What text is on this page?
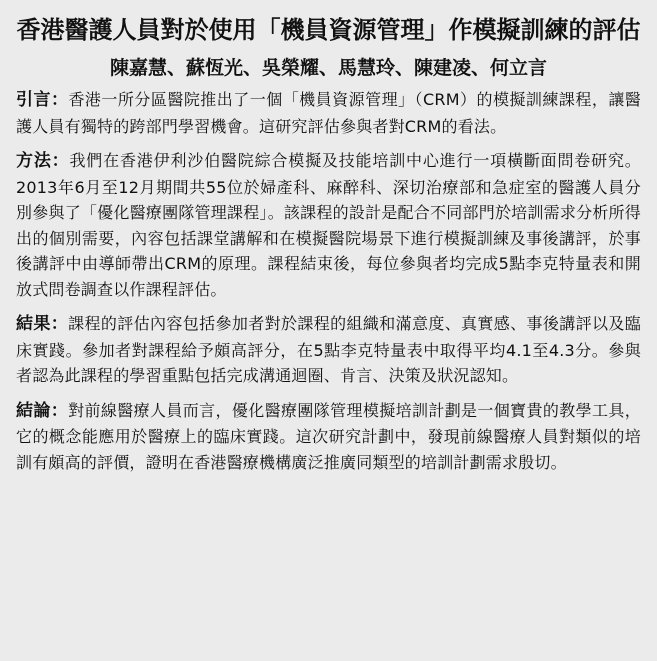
香港醫護人員對於使用「機員資源管理」作模擬訓練的評估
陳嘉慧、蘇恆光、吳榮耀、馬慧玲、陳建凌、何立言

引言：香港一所分區醫院推出了一個「機員資源管理」（CRM）的模擬訓練課程，讓醫護人員有獨特的跨部門學習機會。這研究評估參與者對CRM的看法。

方法：我們在香港伊利沙伯醫院綜合模擬及技能培訓中心進行一項橫斷面問卷研究。2013年6月至12月期間共55位於婦產科、麻醉科、深切治療部和急症室的醫護人員分別參與了「優化醫療團隊管理課程」。該課程的設計是配合不同部門於培訓需求分析所得出的個別需要，內容包括課堂講解和在模擬醫院場景下進行模擬訓練及事後講評，於事後講評中由導師帶出CRM的原理。課程結束後，每位參與者均完成5點李克特量表和開放式問卷調查以作課程評估。

結果：課程的評估內容包括參加者對於課程的組織和滿意度、真實感、事後講評以及臨床實踐。參加者對課程給予頗高評分，在5點李克特量表中取得平均4.1至4.3分。參與者認為此課程的學習重點包括完成溝通迴圈、肯言、決策及狀況認知。

結論：對前線醫療人員而言，優化醫療團隊管理模擬培訓計劃是一個寶貴的教學工具，它的概念能應用於醫療上的臨床實踐。這次研究計劃中，發現前線醫療人員對類似的培訓有頗高的評價，證明在香港醫療機構廣泛推廣同類型的培訓計劃需求殷切。
